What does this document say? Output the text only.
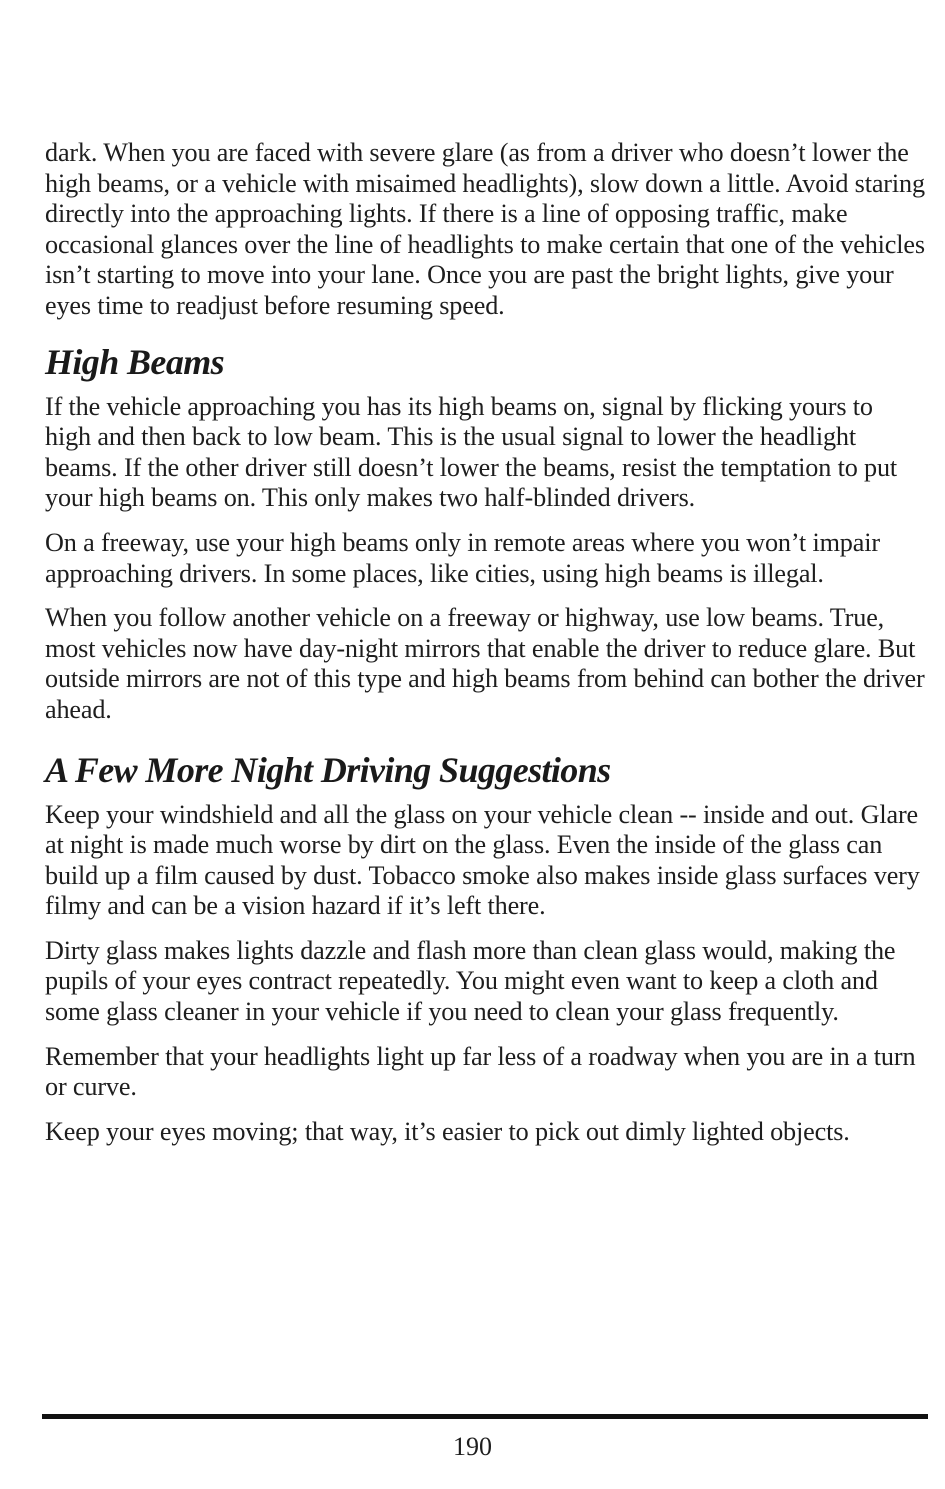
dark. When you are faced with severe glare (as from a driver who doesn’t lower the high beams, or a vehicle with misaimed headlights), slow down a little. Avoid staring directly into the approaching lights. If there is a line of opposing traffic, make occasional glances over the line of headlights to make certain that one of the vehicles isn’t starting to move into your lane. Once you are past the bright lights, give your eyes time to readjust before resuming speed.

High Beams

If the vehicle approaching you has its high beams on, signal by flicking yours to high and then back to low beam. This is the usual signal to lower the headlight beams. If the other driver still doesn’t lower the beams, resist the temptation to put your high beams on. This only makes two half-blinded drivers.

On a freeway, use your high beams only in remote areas where you won’t impair approaching drivers. In some places, like cities, using high beams is illegal.

When you follow another vehicle on a freeway or highway, use low beams. True, most vehicles now have day-night mirrors that enable the driver to reduce glare. But outside mirrors are not of this type and high beams from behind can bother the driver ahead.

A Few More Night Driving Suggestions

Keep your windshield and all the glass on your vehicle clean -- inside and out. Glare at night is made much worse by dirt on the glass. Even the inside of the glass can build up a film caused by dust. Tobacco smoke also makes inside glass surfaces very filmy and can be a vision hazard if it’s left there.

Dirty glass makes lights dazzle and flash more than clean glass would, making the pupils of your eyes contract repeatedly. You might even want to keep a cloth and some glass cleaner in your vehicle if you need to clean your glass frequently.

Remember that your headlights light up far less of a roadway when you are in a turn or curve.

Keep your eyes moving; that way, it’s easier to pick out dimly lighted objects.

190
